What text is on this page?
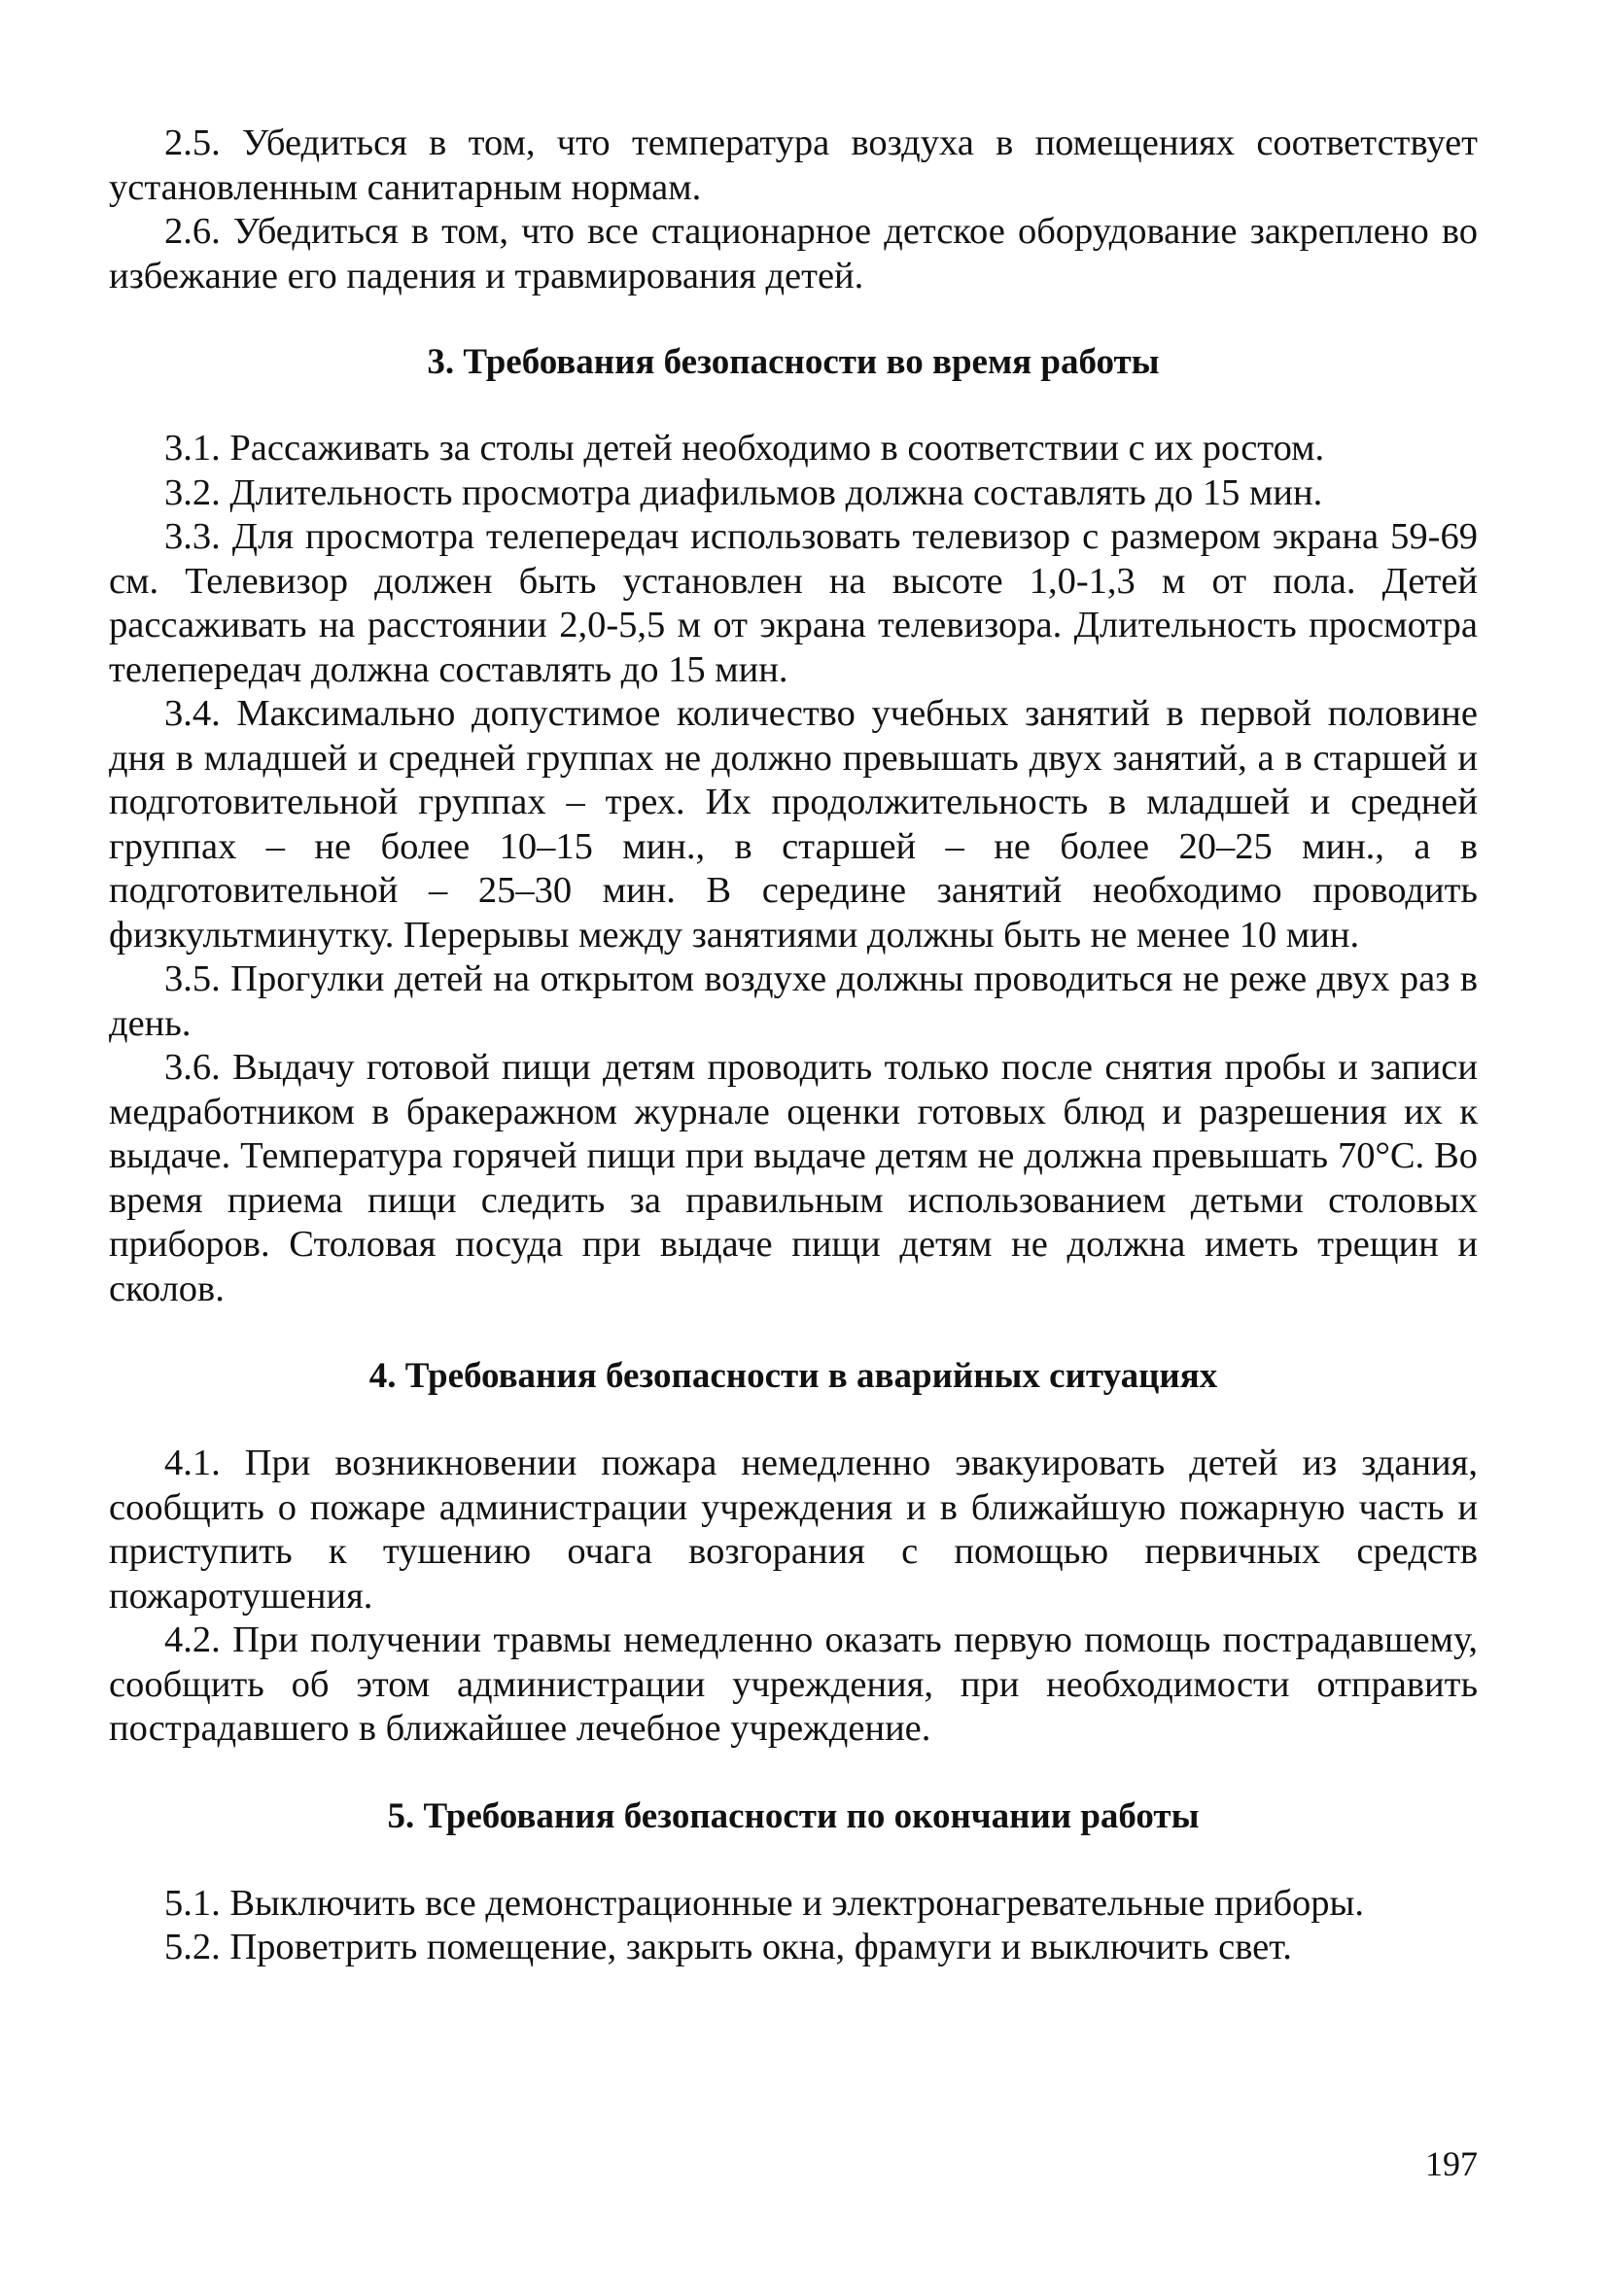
2.5. Убедиться в том, что температура воздуха в помещениях соответствует установленным санитарным нормам.

2.6. Убедиться в том, что все стационарное детское оборудование закреплено во избежание его падения и травмирования детей.

3. Требования безопасности во время работы

3.1. Рассаживать за столы детей необходимо в соответствии с их ростом.

3.2. Длительность просмотра диафильмов должна составлять до 15 мин.

3.3. Для просмотра телепередач использовать телевизор с размером экрана 59-69 см. Телевизор должен быть установлен на высоте 1,0-1,3 м от пола. Детей рассаживать на расстоянии 2,0-5,5 м от экрана телевизора. Длительность просмотра телепередач должна составлять до 15 мин.

3.4. Максимально допустимое количество учебных занятий в первой половине дня в младшей и средней группах не должно превышать двух занятий, а в старшей и подготовительной группах – трех. Их продолжительность в младшей и средней группах – не более 10–15 мин., в старшей – не более 20–25 мин., а в подготовительной – 25–30 мин. В середине занятий необходимо проводить физкультминутку. Перерывы между занятиями должны быть не менее 10 мин.

3.5. Прогулки детей на открытом воздухе должны проводиться не реже двух раз в день.

3.6. Выдачу готовой пищи детям проводить только после снятия пробы и записи медработником в бракеражном журнале оценки готовых блюд и разрешения их к выдаче. Температура горячей пищи при выдаче детям не должна превышать 70°С. Во время приема пищи следить за правильным использованием детьми столовых приборов. Столовая посуда при выдаче пищи детям не должна иметь трещин и сколов.

4. Требования безопасности в аварийных ситуациях

4.1. При возникновении пожара немедленно эвакуировать детей из здания, сообщить о пожаре администрации учреждения и в ближайшую пожарную часть и приступить к тушению очага возгорания с помощью первичных средств пожаротушения.

4.2. При получении травмы немедленно оказать первую помощь пострадавшему, сообщить об этом администрации учреждения, при необходимости отправить пострадавшего в ближайшее лечебное учреждение.

5. Требования безопасности по окончании работы

5.1. Выключить все демонстрационные и электронагревательные приборы.

5.2. Проветрить помещение, закрыть окна, фрамуги и выключить свет.

197
